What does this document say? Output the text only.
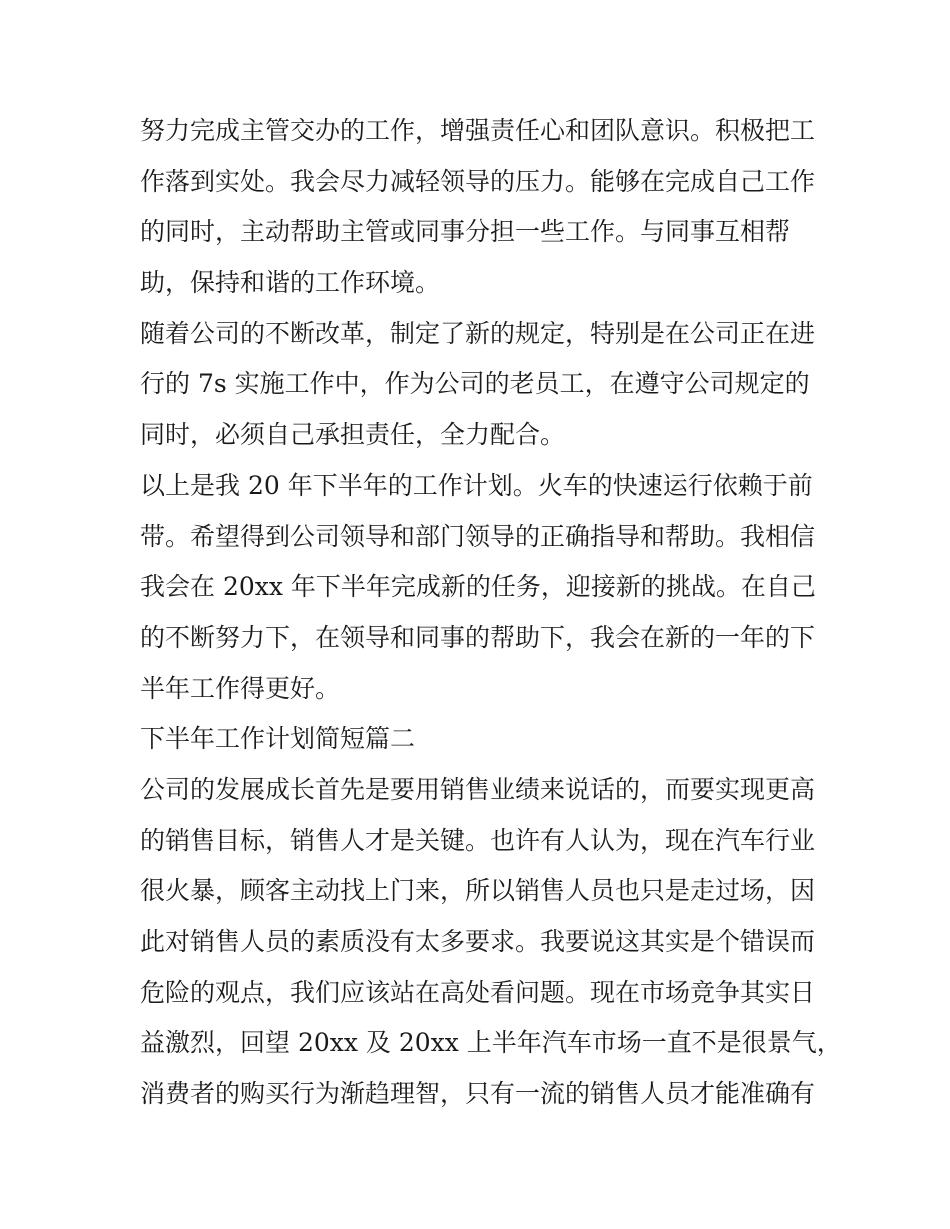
努力完成主管交办的工作，增强责任心和团队意识。积极把工
作落到实处。我会尽力减轻领导的压力。能够在完成自己工作
的同时，主动帮助主管或同事分担一些工作。与同事互相帮
助，保持和谐的工作环境。
随着公司的不断改革，制定了新的规定，特别是在公司正在进
行的 7s 实施工作中，作为公司的老员工，在遵守公司规定的
同时，必须自己承担责任，全力配合。
以上是我 20 年下半年的工作计划。火车的快速运行依赖于前
带。希望得到公司领导和部门领导的正确指导和帮助。我相信
我会在 20xx 年下半年完成新的任务，迎接新的挑战。在自己
的不断努力下，在领导和同事的帮助下，我会在新的一年的下
半年工作得更好。
下半年工作计划简短篇二
公司的发展成长首先是要用销售业绩来说话的，而要实现更高
的销售目标，销售人才是关键。也许有人认为，现在汽车行业
很火暴，顾客主动找上门来，所以销售人员也只是走过场，因
此对销售人员的素质没有太多要求。我要说这其实是个错误而
危险的观点，我们应该站在高处看问题。现在市场竞争其实日
益激烈，回望 20xx 及 20xx 上半年汽车市场一直不是很景气，
消费者的购买行为渐趋理智，只有一流的销售人员才能准确有
